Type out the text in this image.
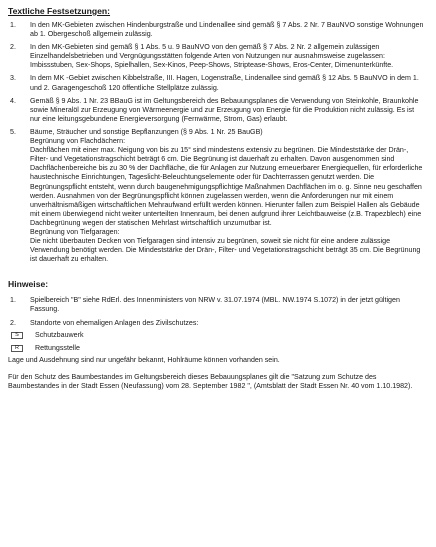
Textliche Festsetzungen:
1.	In den MK-Gebieten zwischen Hindenburgstraße und Lindenallee sind gemäß § 7 Abs. 2 Nr. 7 BauNVO sonstige Wohnungen ab 1. Obergeschoß allgemein zulässig.

2.	In den MK-Gebieten sind gemäß § 1 Abs. 5 u. 9 BauNVO von den gemäß § 7 Abs. 2 Nr. 2 allgemein zulässigen Einzelhandelsbetrieben und Vergnügungsstätten folgende Arten von Nutzungen nur ausnahmsweise zugelassen: Imbissstuben, Sex-Shops, Spielhallen, Sex-Kinos, Peep-Shows, Striptease-Shows, Eros-Center, Dirnenunterkünfte.

3.	In dem MK -Gebiet zwischen Kibbelstraße, III. Hagen, Logenstraße, Lindenallee sind gemäß § 12 Abs. 5 BauNVO in dem 1. und 2. Garagengeschoß 120 öffentliche Stellplätze zulässig.

4.	Gemäß § 9 Abs. 1 Nr. 23 BBauG ist im Geltungsbereich des Bebauungsplanes die Verwendung von Steinkohle, Braunkohle sowie Mineralöl zur Erzeugung von Wärmeenergie und zur Erzeugung von Energie für die Produktion nicht zulässig. Es ist nur eine leitungsgebundene Energieversorgung (Fernwärme, Strom, Gas) erlaubt.

5.	Bäume, Sträucher und sonstige Bepflanzungen (§ 9 Abs. 1 Nr. 25 BauGB)

Begrünung von Flachdächern:

Dachflächen mit einer max. Neigung von bis zu 15° sind mindestens extensiv zu begrünen. Die Mindeststärke der Drän-, Filter- und Vegetationstragschicht beträgt 6 cm. Die Begrünung ist dauerhaft zu erhalten. Davon ausgenommen sind Dachflächenbereiche bis zu 30 % der Dachfläche, die für Anlagen zur Nutzung erneuerbarer Energiequellen, für erforderliche haustechnische Einrichtungen, Tageslicht-Beleuchtungselemente oder für Dachterrassen genutzt werden. Die Begrünungspflicht entsteht, wenn durch baugenehmigungspflichtige Maßnahmen Dachflächen im o. g. Sinne neu geschaffen werden. Ausnahmen von der Begrünungspflicht können zugelassen werden, wenn die Anforderungen nur mit einem unverhältnismäßigen wirtschaftlichen Mehraufwand erfüllt werden können. Hierunter fallen zum Beispiel Hallen als Gebäude mit einem überwiegend nicht weiter unterteilten Innenraum, bei denen aufgrund ihrer Leichtbauweise (z.B. Trapezblech) eine Dachbegrünung wegen der statischen Mehrlast wirtschaftlich unzumutbar ist.

Begrünung von Tiefgaragen:

Die nicht überbauten Decken von Tiefgaragen sind intensiv zu begrünen, soweit sie nicht für eine andere zulässige Verwendung benötigt werden. Die Mindeststärke der Drän-, Filter- und Vegetationstragschicht beträgt 35 cm. Die Begrünung ist dauerhaft zu erhalten.

Hinweise:
1.	Spielbereich "B" siehe RdErl. des Innenministers von NRW v. 31.07.1974 (MBL. NW.1974 S.1072) in der jetzt gültigen Fassung.

2.	Standorte von ehemaligen Anlagen des Zivilschutzes:

S	Schutzbauwerk
R	Rettungsstelle

Lage und Ausdehnung sind nur ungefähr bekannt, Hohlräume können vorhanden sein.

Für den Schutz des Baumbestandes im Geltungsbereich dieses Bebauungsplanes gilt die "Satzung zum Schutze des Baumbestandes in der Stadt Essen (Neufassung) vom 28. September 1982 ", (Amtsblatt der Stadt Essen Nr. 40 vom 1.10.1982).
